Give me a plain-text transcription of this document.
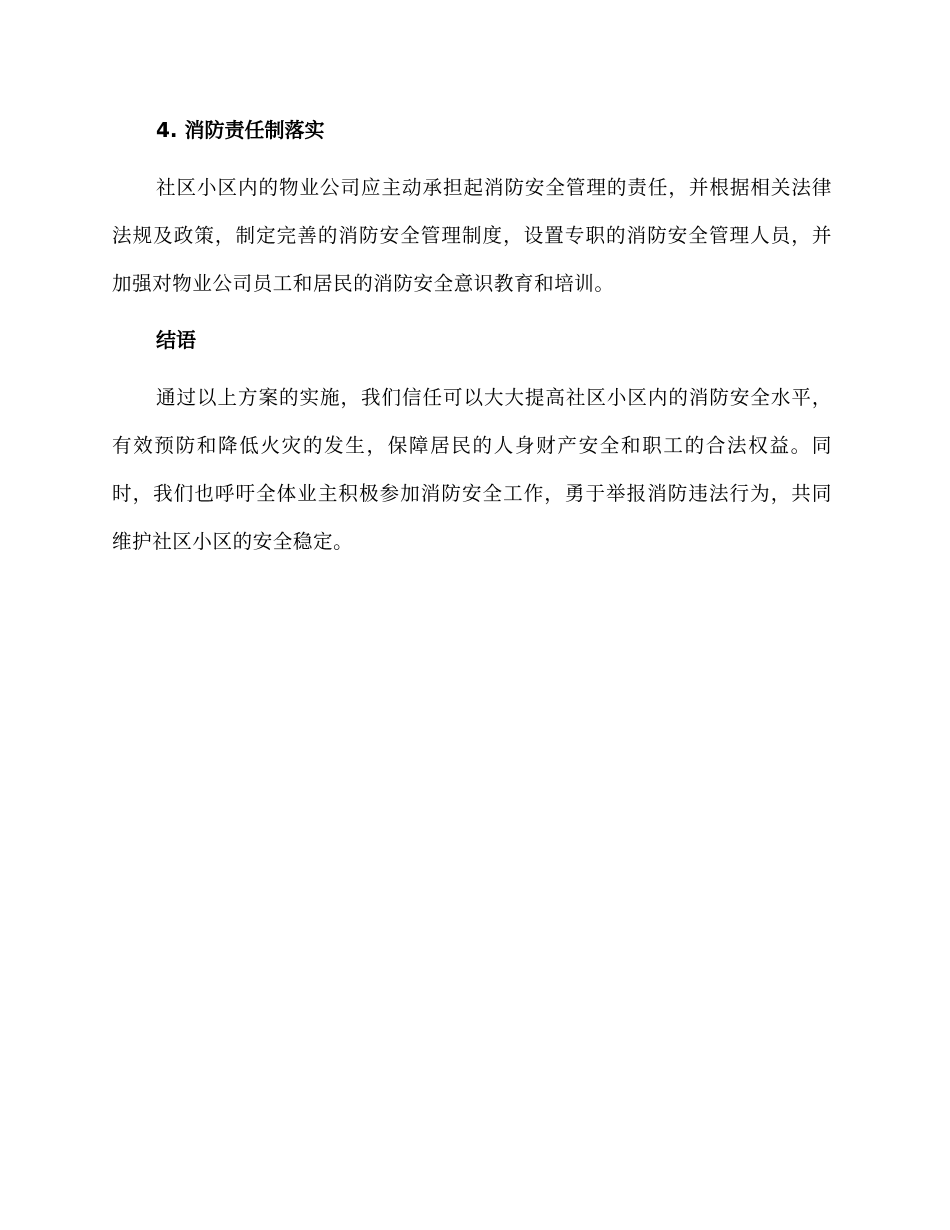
4. 消防责任制落实

社区小区内的物业公司应主动承担起消防安全管理的责任，并根据相关法律法规及政策，制定完善的消防安全管理制度，设置专职的消防安全管理人员，并加强对物业公司员工和居民的消防安全意识教育和培训。

结语

通过以上方案的实施，我们信任可以大大提高社区小区内的消防安全水平，有效预防和降低火灾的发生，保障居民的人身财产安全和职工的合法权益。同时，我们也呼吁全体业主积极参加消防安全工作，勇于举报消防违法行为，共同维护社区小区的安全稳定。
